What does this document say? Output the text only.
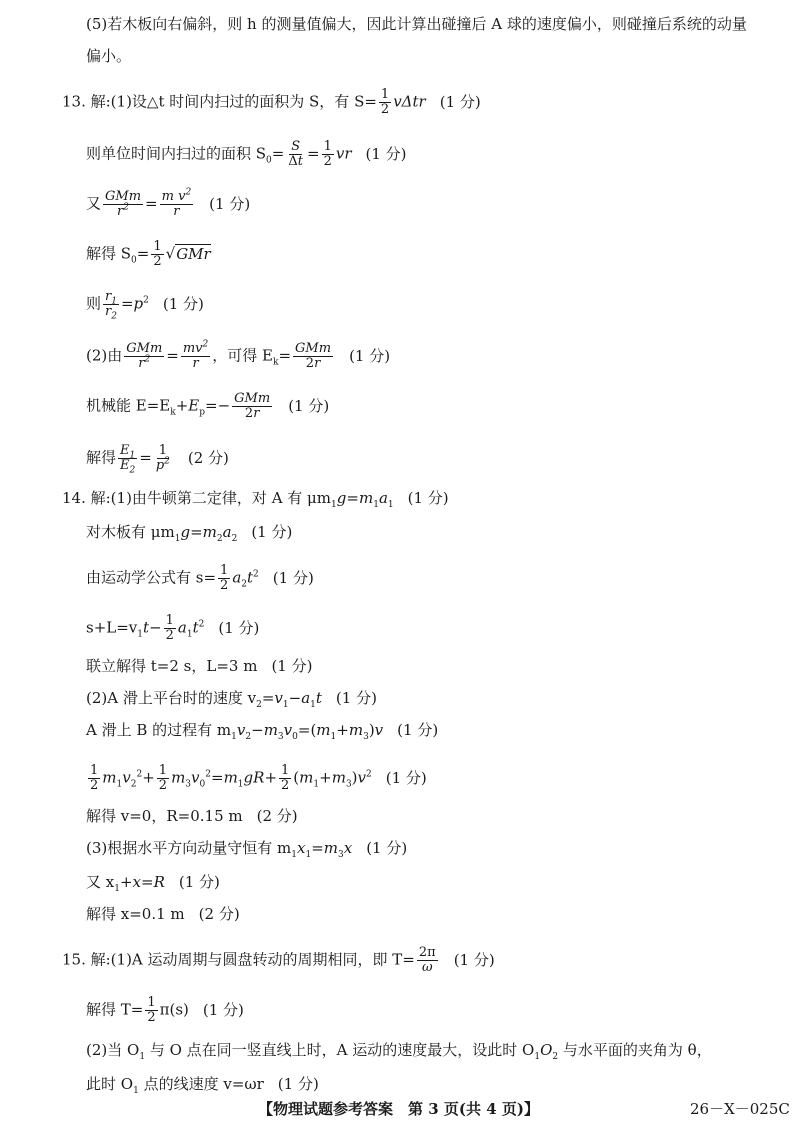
(5)若木板向右偏斜，则 h 的测量值偏大，因此计算出碰撞后 A 球的速度偏小，则碰撞后系统的动量
偏小。
13. 解:(1)设△t 时间内扫过的面积为 S，有 $S= \frac{1}{2}$ vΔtr (1 分)
则单位时间内扫过的面积 $S_0= \frac{S}{\Delta t} = \frac{1}{2}$ vr (1 分)
又 GMm
$r^2 = \frac{m v^2}{r} (1$ 分)
解得 $S_0= \frac{1}{2} √GMr$
则 $\frac{r_1}{r_2} =p^2$ (1 分)
(2)由 GMm
$r^2 = \frac{mv^2}{r}$ ，可得 $E_k=$ GMm
2r (1 分)
机械能 $E=E_k+E_p=-$ GMm
2r (1 分)
解得 $\frac{E_1}{E_2} = \frac{1}{p^2} (2$ 分)
14. 解:(1)由牛顿第二定律，对 A 有 $\mu m_1g=m_1a_1$ (1 分)
对木板有 $\mu m_1g=m_2a_2$ (1 分)
由运动学公式有 $s= \frac{1}{2} a_2t^2$ (1 分)
$s+L=v_1t- \frac{1}{2} a_1t^2$ (1 分)
联立解得 t=2 s，L=3 m (1 分)
(2)A 滑上平台时的速度 $v_2=v_1-a_1t$ (1 分)
A 滑上 B 的过程有 $m_1v_2-m_3v_0=(m_1+m_3)v$ (1 分)
$\frac{1}{2} m_1v_2^2+ \frac{1}{2} m_3v_0^2=m_1gR+ \frac{1}{2} (m_1+m_3)v^2$ (1 分)
解得 v=0，R=0.15 m (2 分)
(3)根据水平方向动量守恒有 $m_1x_1=m_3x$ (1 分)
又 $x_1+x=R$ (1 分)
解得 x=0.1 m (2 分)
15. 解:(1)A 运动周期与圆盘转动的周期相同，即 $T= \frac{2\pi}{\omega} (1$ 分)
解得 $T= \frac{1}{2} \pi(s)$ (1 分)
(2)当 $O_1$ 与 O 点在同一竖直线上时，A 运动的速度最大，设此时 $O_1O_2$ 与水平面的夹角为 θ，
此时 $O_1$ 点的线速度 v=ωr (1 分)
【物理试题参考答案　第 3 页(共 4 页)】	26－X－025C
